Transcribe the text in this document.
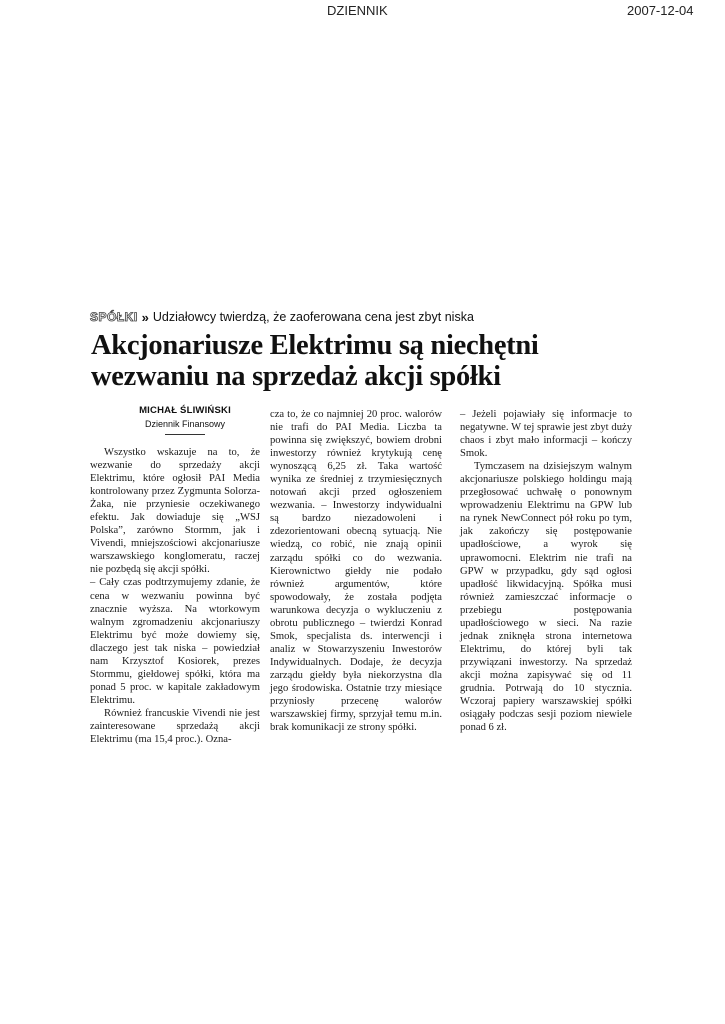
DZIENNIK	2007-12-04
SPÓŁKI » Udziałowcy twierdzą, że zaoferowana cena jest zbyt niska
Akcjonariusze Elektrimu są niechętni
wezwaniu na sprzedaż akcji spółki
MICHAŁ ŚLIWIŃSKI
Dziennik Finansowy

Wszystko wskazuje na to, że wezwanie do sprzedaży akcji Elektrimu, które ogłosił PAI Media kontrolowany przez Zygmunta Solorza-Żaka, nie przyniesie oczekiwanego efektu. Jak dowiaduje się „WSJ Polska”, zarówno Stormm, jak i Vivendi, mniejszościowi akcjonariusze warszawskiego konglomeratu, raczej nie pozbędą się akcji spółki.

– Cały czas podtrzymujemy zdanie, że cena w wezwaniu powinna być znacznie wyższa. Na wtorkowym walnym zgromadzeniu akcjonariuszy Elektrimu być może dowiemy się, dlaczego jest tak niska – powiedział nam Krzysztof Kosiorek, prezes Stormmu, giełdowej spółki, która ma ponad 5 proc. w kapitale zakładowym Elektrimu.

Również francuskie Vivendi nie jest zainteresowane sprzedażą akcji Elektrimu (ma 15,4 proc.). Ozna-

cza to, że co najmniej 20 proc. walorów nie trafi do PAI Media. Liczba ta powinna się zwiększyć, bowiem drobni inwestorzy również krytykują cenę wynoszącą 6,25 zł. Taka wartość wynika ze średniej z trzymiesięcznych notowań akcji przed ogłoszeniem wezwania. – Inwestorzy indywidualni są bardzo niezadowoleni i zdezorientowani obecną sytuacją. Nie wiedzą, co robić, nie znają opinii zarządu spółki co do wezwania. Kierownictwo giełdy nie podało również argumentów, które spowodowały, że została podjęta warunkowa decyzja o wykluczeniu z obrotu publicznego – twierdzi Konrad Smok, specjalista ds. interwencji i analiz w Stowarzyszeniu Inwestorów Indywidualnych. Dodaje, że decyzja zarządu giełdy była niekorzystna dla jego środowiska. Ostatnie trzy miesiące przyniosły przecenę walorów warszawskiej firmy, sprzyjał temu m.in. brak komunikacji ze strony spółki.

– Jeżeli pojawiały się informacje to negatywne. W tej sprawie jest zbyt duży chaos i zbyt mało informacji – kończy Smok.

Tymczasem na dzisiejszym walnym akcjonariusze polskiego holdingu mają przegłosować uchwałę o ponownym wprowadzeniu Elektrimu na GPW lub na rynek NewConnect pół roku po tym, jak zakończy się postępowanie upadłościowe, a wyrok się uprawomocni. Elektrim nie trafi na GPW w przypadku, gdy sąd ogłosi upadłość likwidacyjną. Spółka musi również zamieszczać informacje o przebiegu postępowania upadłościowego w sieci. Na razie jednak zniknęła strona internetowa Elektrimu, do której byli tak przywiązani inwestorzy. Na sprzedaż akcji można zapisywać się od 11 grudnia. Potrwają do 10 stycznia. Wczoraj papiery warszawskiej spółki osiągały podczas sesji poziom niewiele ponad 6 zł.
